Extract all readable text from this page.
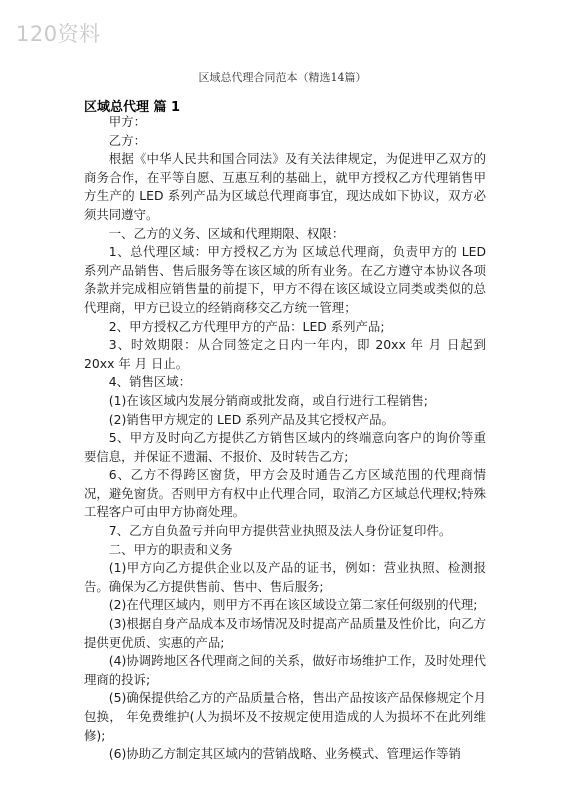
120资料
区域总代理合同范本（精选14篇）
区域总代理 篇 1

甲方：

乙方：

根据《中华人民共和国合同法》及有关法律规定，为促进甲乙双方的商务合作，在平等自愿、互惠互利的基础上，就甲方授权乙方代理销售甲方生产的 LED 系列产品为区域总代理商事宜，现达成如下协议，双方必须共同遵守。

一、乙方的义务、区域和代理期限、权限：

1、总代理区域：甲方授权乙方为 区域总代理商，负责甲方的 LED 系列产品销售、售后服务等在该区域的所有业务。在乙方遵守本协议各项条款并完成相应销售量的前提下，甲方不得在该区域设立同类或类似的总代理商，甲方已设立的经销商移交乙方统一管理；

2、甲方授权乙方代理甲方的产品：LED 系列产品;

3、时效期限：从合同签定之日内一年内，即 20xx 年 月 日起到 20xx 年 月 日止。

4、销售区域：

(1)在该区域内发展分销商或批发商，或自行进行工程销售;

(2)销售甲方规定的 LED 系列产品及其它授权产品。

5、甲方及时向乙方提供乙方销售区域内的终端意向客户的询价等重要信息，并保证不遗漏、不报价、及时转告乙方;

6、乙方不得跨区窗货，甲方会及时通告乙方区域范围的代理商情况，避免窗货。否则甲方有权中止代理合同，取消乙方区域总代理权;特殊工程客户可由甲方协商处理。

7、乙方自负盈亏并向甲方提供营业执照及法人身份证复印件。

二、甲方的职责和义务

(1)甲方向乙方提供企业以及产品的证书，例如：营业执照、检测报告。确保为乙方提供售前、售中、售后服务;

(2)在代理区域内，则甲方不再在该区域设立第二家任何级别的代理;

(3)根据自身产品成本及市场情况及时提高产品质量及性价比，向乙方提供更优质、实惠的产品;

(4)协调跨地区各代理商之间的关系，做好市场维护工作，及时处理代理商的投诉;

(5)确保提供给乙方的产品质量合格，售出产品按该产品保修规定个月包换， 年免费维护(人为损坏及不按规定使用造成的人为损坏不在此列维修);

(6)协助乙方制定其区域内的营销战略、业务模式、管理运作等销
